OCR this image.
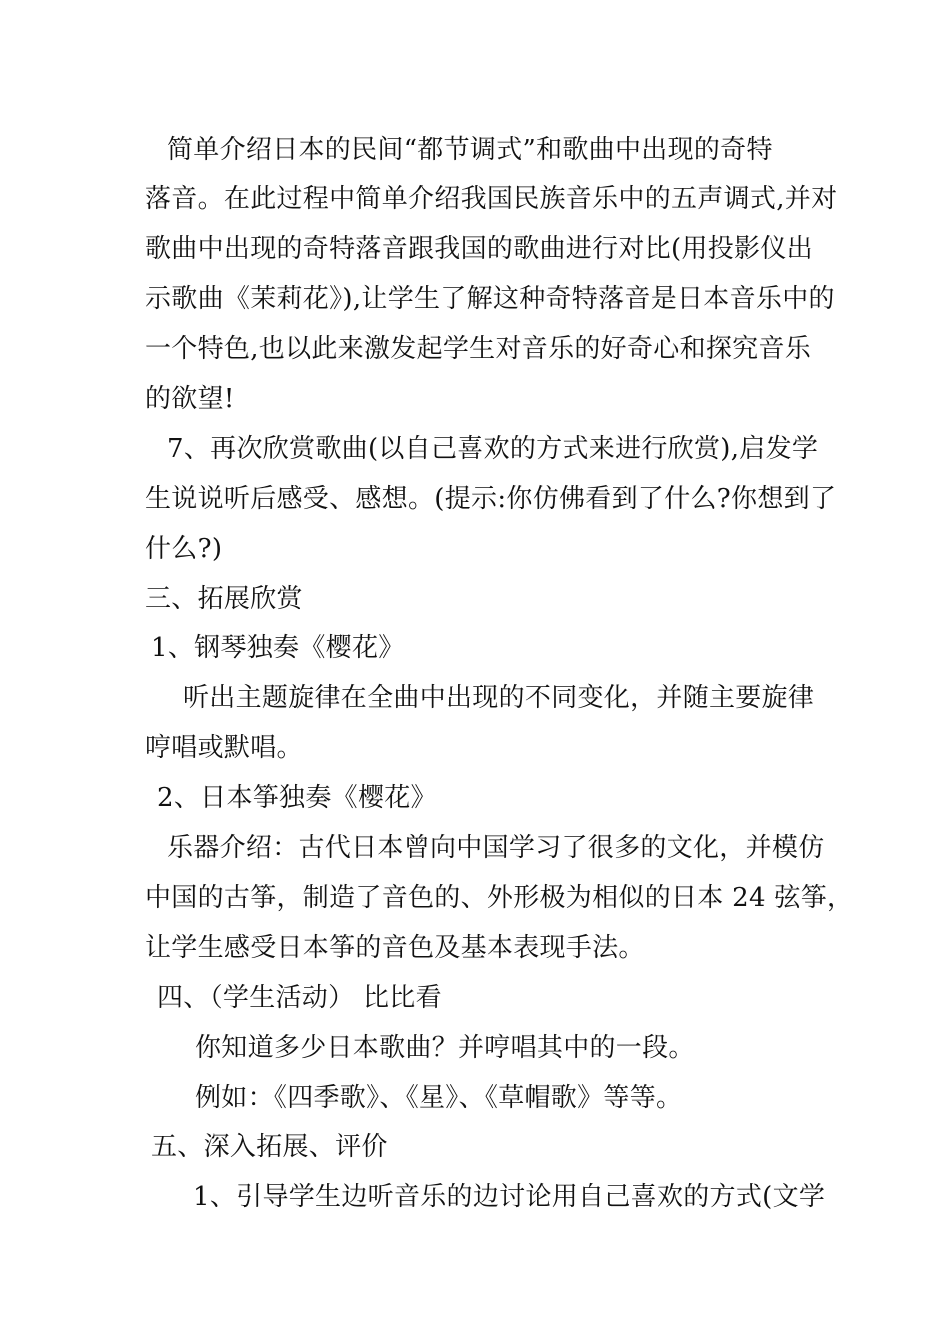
简单介绍日本的民间“都节调式”和歌曲中出现的奇特
落音。在此过程中简单介绍我国民族音乐中的五声调式,并对
歌曲中出现的奇特落音跟我国的歌曲进行对比(用投影仪出
示歌曲《茉莉花》),让学生了解这种奇特落音是日本音乐中的
一个特色,也以此来激发起学生对音乐的好奇心和探究音乐
的欲望!
7、再次欣赏歌曲(以自己喜欢的方式来进行欣赏),启发学
生说说听后感受、感想。(提示:你仿佛看到了什么?你想到了
什么?)
三、拓展欣赏
1、钢琴独奏《樱花》
听出主题旋律在全曲中出现的不同变化，并随主要旋律
哼唱或默唱。
2、日本筝独奏《樱花》
乐器介绍：古代日本曾向中国学习了很多的文化，并模仿
中国的古筝，制造了音色的、外形极为相似的日本 24 弦筝，
让学生感受日本筝的音色及基本表现手法。
四、（学生活动） 比比看
你知道多少日本歌曲？并哼唱其中的一段。
例如：《四季歌》、《星》、《草帽歌》等等。
五、深入拓展、评价
1、引导学生边听音乐的边讨论用自己喜欢的方式(文学
